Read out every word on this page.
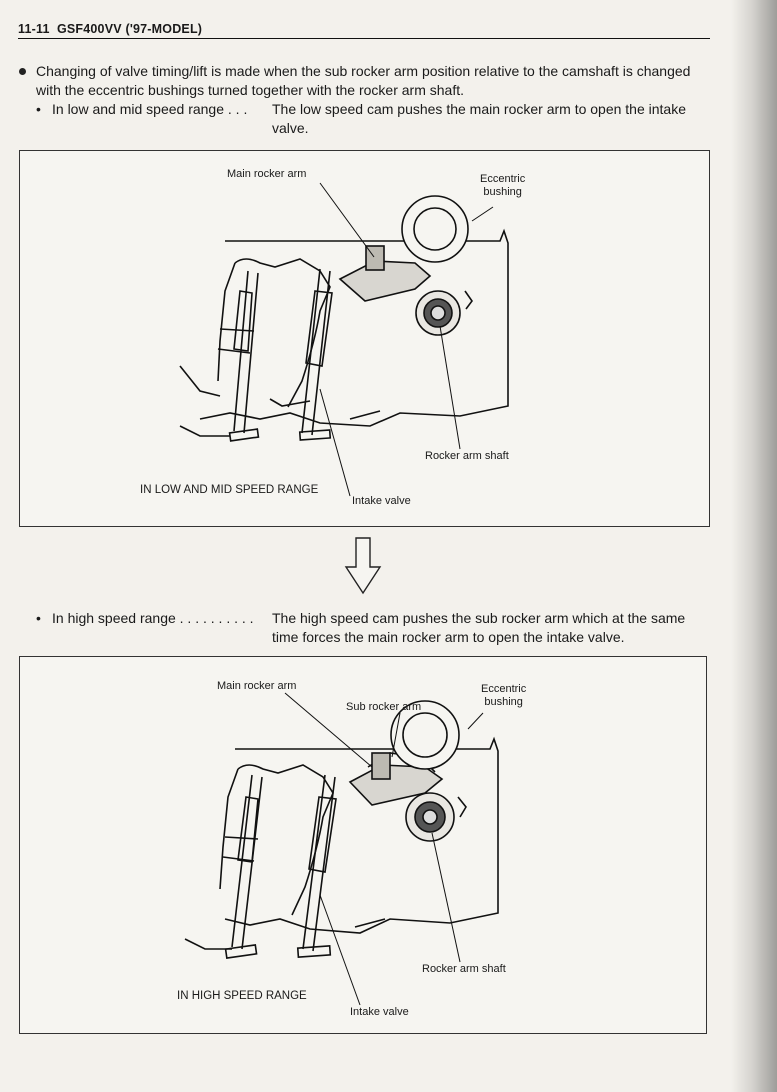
11-11 GSF400VV ('97-MODEL)
Changing of valve timing/lift is made when the sub rocker arm position relative to the camshaft is changed with the eccentric bushings turned together with the rocker arm shaft.
• In low and mid speed range . . .	The low speed cam pushes the main rocker arm to open the intake valve.
Main rocker arm	Eccentric
bushing
Rocker arm shaft
Intake valve
IN LOW AND MID SPEED RANGE
• In high speed range . . . . . . . . . .	The high speed cam pushes the sub rocker arm which at the same time forces the main rocker arm to open the intake valve.
Main rocker arm
Sub rocker arm
Eccentric
bushing
Rocker arm shaft
Intake valve
IN HIGH SPEED RANGE
